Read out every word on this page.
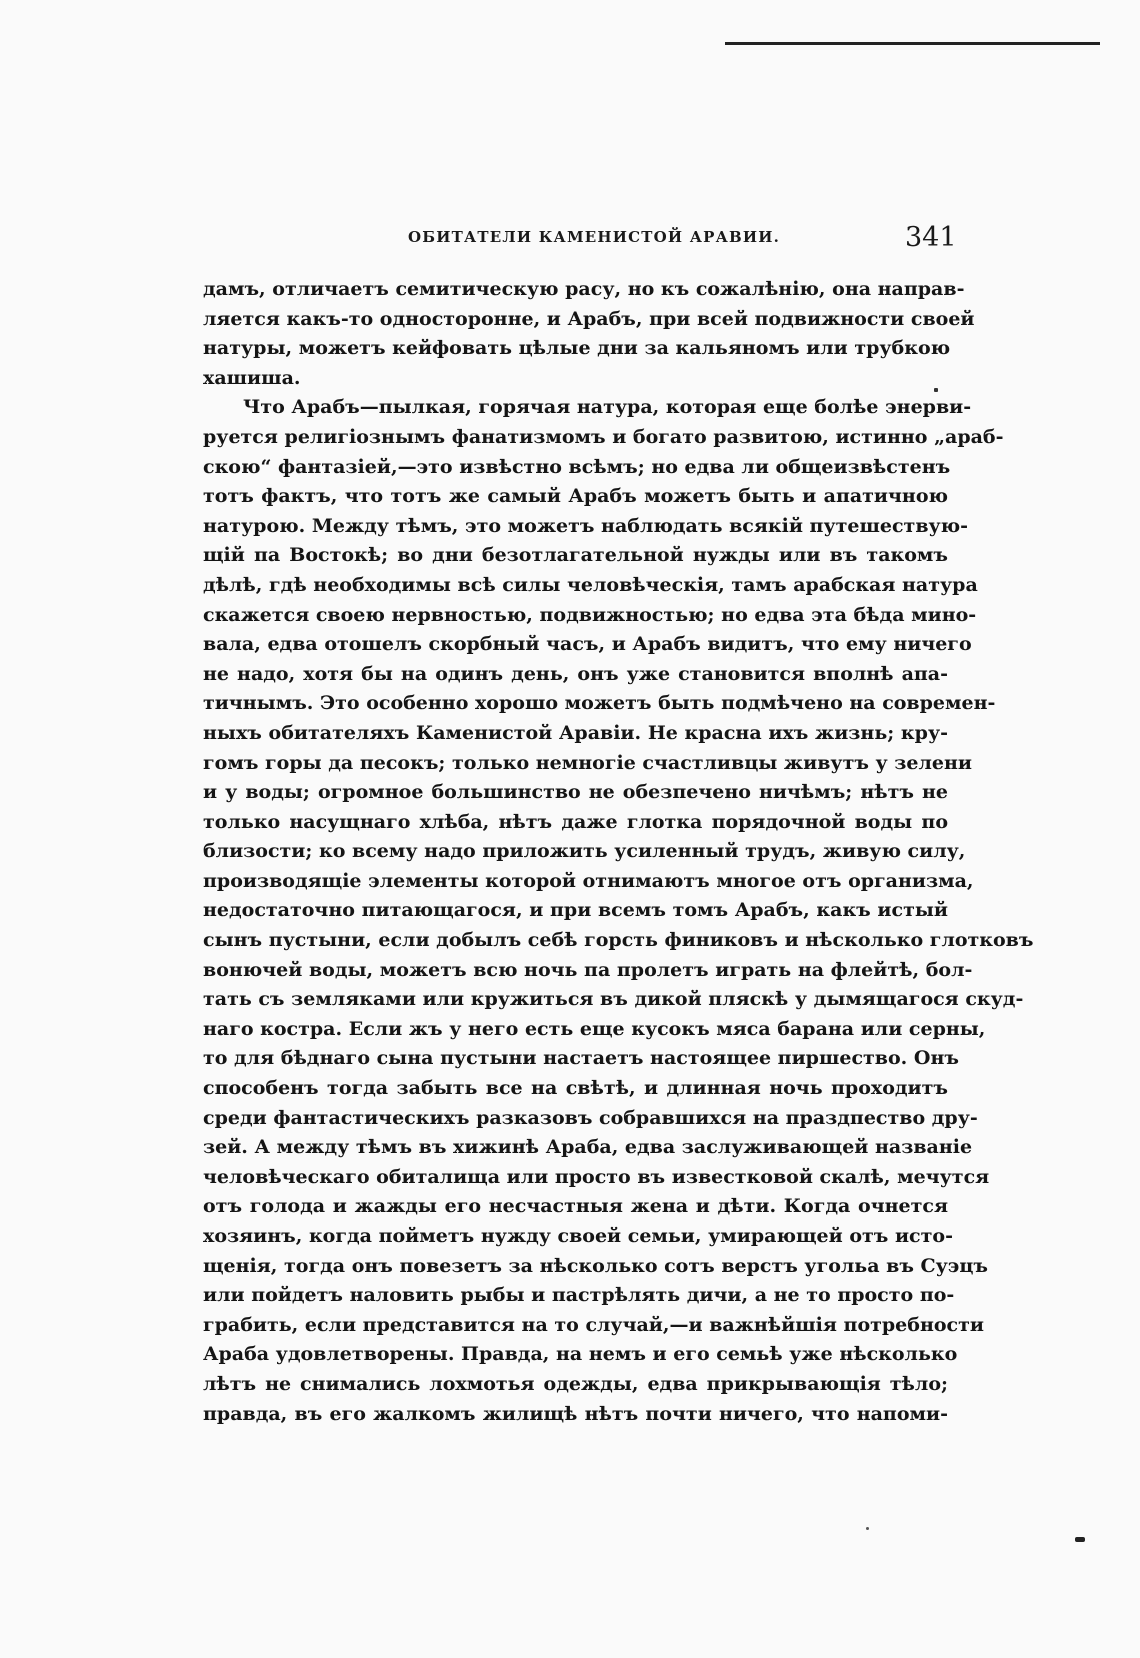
ОБИТАТЕЛИ КАМЕНИСТОЙ АРАВИИ.	341
дамъ, отличаетъ семитическую расу, но къ сожалѣнію, она направ-
ляется какъ-то односторонне, и Арабъ, при всей подвижности своей
натуры, можетъ кейфовать цѣлые дни за кальяномъ или трубкою
хашиша.
Что Арабъ—пылкая, горячая натура, которая еще болѣе энерви-
руется религіознымъ фанатизмомъ и богато развитою, истинно „араб-
скою“ фантазіей,—это извѣстно всѣмъ; но едва ли общеизвѣстенъ
тотъ фактъ, что тотъ же самый Арабъ можетъ быть и апатичною
натурою. Между тѣмъ, это можетъ наблюдать всякій путешествую-
щій па Востокѣ; во дни безотлагательной нужды или въ такомъ
дѣлѣ, гдѣ необходимы всѣ силы человѣческія, тамъ арабская натура
скажется своею нервностью, подвижностью; но едва эта бѣда мино-
вала, едва отошелъ скорбный часъ, и Арабъ видитъ, что ему ничего
не надо, хотя бы на одинъ день, онъ уже становится вполнѣ апа-
тичнымъ. Это особенно хорошо можетъ быть подмѣчено на современ-
ныхъ обитателяхъ Каменистой Аравіи. Не красна ихъ жизнь; кру-
гомъ горы да песокъ; только немногіе счастливцы живутъ у зелени
и у воды; огромное большинство не обезпечено ничѣмъ; нѣтъ не
только насущнаго хлѣба, нѣтъ даже глотка порядочной воды по
близости; ко всему надо приложить усиленный трудъ, живую силу,
производящіе элементы которой отнимаютъ многое отъ организма,
недостаточно питающагося, и при всемъ томъ Арабъ, какъ истый
сынъ пустыни, если добылъ себѣ горсть финиковъ и нѣсколько глотковъ
вонючей воды, можетъ всю ночь па пролетъ играть на флейтѣ, бол-
тать съ земляками или кружиться въ дикой пляскѣ у дымящагося скуд-
наго костра. Если жъ у него есть еще кусокъ мяса барана или серны,
то для бѣднаго сына пустыни настаетъ настоящее пиршество. Онъ
способенъ тогда забыть все на свѣтѣ, и длинная ночь проходитъ
среди фантастическихъ разказовъ собравшихся на праздпество дру-
зей. А между тѣмъ въ хижинѣ Араба, едва заслуживающей названіе
человѣческаго обиталища или просто въ известковой скалѣ, мечутся
отъ голода и жажды его несчастныя жена и дѣти. Когда очнется
хозяинъ, когда пойметъ нужду своей семьи, умирающей отъ исто-
щенія, тогда онъ повезетъ за нѣсколько сотъ верстъ угольа въ Суэцъ
или пойдетъ наловить рыбы и пастрѣлять дичи, а не то просто по-
грабить, если представится на то случай,—и важнѣйшія потребности
Араба удовлетворены. Правда, на немъ и его семьѣ уже нѣсколько
лѣтъ не снимались лохмотья одежды, едва прикрывающія тѣло;
правда, въ его жалкомъ жилищѣ нѣтъ почти ничего, что напоми-
